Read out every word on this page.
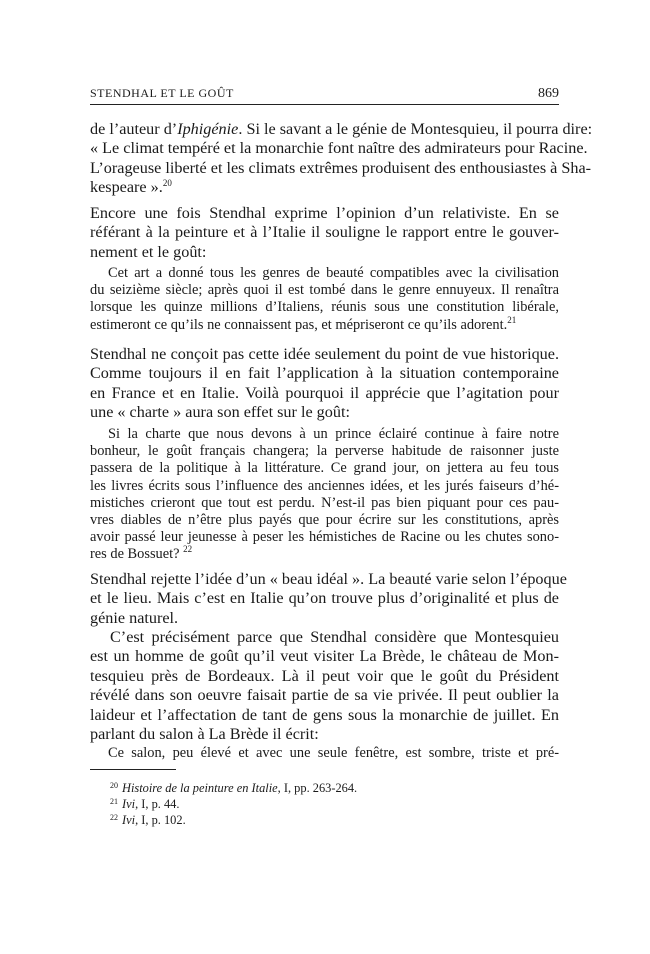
STENDHAL ET LE GOÛT	869
de l’auteur d’Iphigénie. Si le savant a le génie de Montesquieu, il pourra dire:
« Le climat tempéré et la monarchie font naître des admirateurs pour Racine.
L’orageuse liberté et les climats extrêmes produisent des enthousiastes à Sha-
kespeare ».$^{20}$
Encore une fois Stendhal exprime l’opinion d’un relativiste. En se
référant à la peinture et à l’Italie il souligne le rapport entre le gouver-
nement et le goût:
Cet art a donné tous les genres de beauté compatibles avec la civilisation
du seizième siècle; après quoi il est tombé dans le genre ennuyeux. Il renaîtra
lorsque les quinze millions d’Italiens, réunis sous une constitution libérale,
estimeront ce qu’ils ne connaissent pas, et mépriseront ce qu’ils adorent.$^{21}$
Stendhal ne conçoit pas cette idée seulement du point de vue historique.
Comme toujours il en fait l’application à la situation contemporaine
en France et en Italie. Voilà pourquoi il apprécie que l’agitation pour
une « charte » aura son effet sur le goût:
Si la charte que nous devons à un prince éclairé continue à faire notre
bonheur, le goût français changera; la perverse habitude de raisonner juste
passera de la politique à la littérature. Ce grand jour, on jettera au feu tous
les livres écrits sous l’influence des anciennes idées, et les jurés faiseurs d’hé-
mistiches crieront que tout est perdu. N’est-il pas bien piquant pour ces pau-
vres diables de n’être plus payés que pour écrire sur les constitutions, après
avoir passé leur jeunesse à peser les hémistiches de Racine ou les chutes sono-
res de Bossuet? $^{22}$
Stendhal rejette l’idée d’un « beau idéal ». La beauté varie selon l’époque
et le lieu. Mais c’est en Italie qu’on trouve plus d’originalité et plus de
génie naturel.
C’est précisément parce que Stendhal considère que Montesquieu
est un homme de goût qu’il veut visiter La Brède, le château de Mon-
tesquieu près de Bordeaux. Là il peut voir que le goût du Président
révélé dans son oeuvre faisait partie de sa vie privée. Il peut oublier la
laideur et l’affectation de tant de gens sous la monarchie de juillet. En
parlant du salon à La Brède il écrit:
Ce salon, peu élevé et avec une seule fenêtre, est sombre, triste et pré-
$^{20}$ Histoire de la peinture en Italie, I, pp. 263-264.
$^{21}$ Ivi, I, p. 44.
$^{22}$ Ivi, I, p. 102.
